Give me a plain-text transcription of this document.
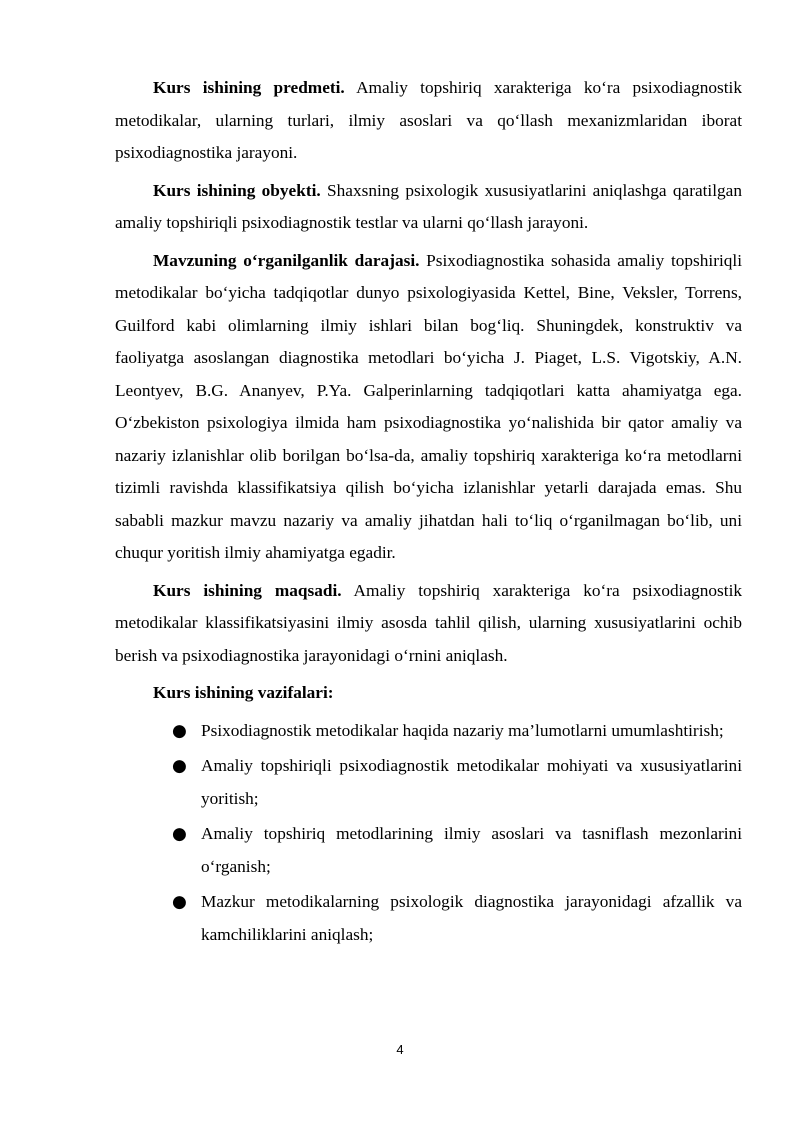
Kurs ishining predmeti. Amaliy topshiriq xarakteriga ko‘ra psixodiagnostik metodikalar, ularning turlari, ilmiy asoslari va qo‘llash mexanizmlaridan iborat psixodiagnostika jarayoni.

Kurs ishining obyekti. Shaxsning psixologik xususiyatlarini aniqlashga qaratilgan amaliy topshiriqli psixodiagnostik testlar va ularni qo‘llash jarayoni.

Mavzuning o‘rganilganlik darajasi. Psixodiagnostika sohasida amaliy topshiriqli metodikalar bo‘yicha tadqiqotlar dunyo psixologiyasida Kettel, Bine, Veksler, Torrens, Guilford kabi olimlarning ilmiy ishlari bilan bog‘liq. Shuningdek, konstruktiv va faoliyatga asoslangan diagnostika metodlari bo‘yicha J. Piaget, L.S. Vigotskiy, A.N. Leontyev, B.G. Ananyev, P.Ya. Galperinlarning tadqiqotlari katta ahamiyatga ega. O‘zbekiston psixologiya ilmida ham psixodiagnostika yo‘nalishida bir qator amaliy va nazariy izlanishlar olib borilgan bo‘lsa-da, amaliy topshiriq xarakteriga ko‘ra metodlarni tizimli ravishda klassifikatsiya qilish bo‘yicha izlanishlar yetarli darajada emas. Shu sababli mazkur mavzu nazariy va amaliy jihatdan hali to‘liq o‘rganilmagan bo‘lib, uni chuqur yoritish ilmiy ahamiyatga egadir.

Kurs ishining maqsadi. Amaliy topshiriq xarakteriga ko‘ra psixodiagnostik metodikalar klassifikatsiyasini ilmiy asosda tahlil qilish, ularning xususiyatlarini ochib berish va psixodiagnostika jarayonidagi o‘rnini aniqlash.

Kurs ishining vazifalari:

● Psixodiagnostik metodikalar haqida nazariy ma’lumotlarni umumlashtirish;
● Amaliy topshiriqli psixodiagnostik metodikalar mohiyati va xususiyatlarini yoritish;
● Amaliy topshiriq metodlarining ilmiy asoslari va tasniflash mezonlarini o‘rganish;
● Mazkur metodikalarning psixologik diagnostika jarayonidagi afzallik va kamchiliklarini aniqlash;
4
